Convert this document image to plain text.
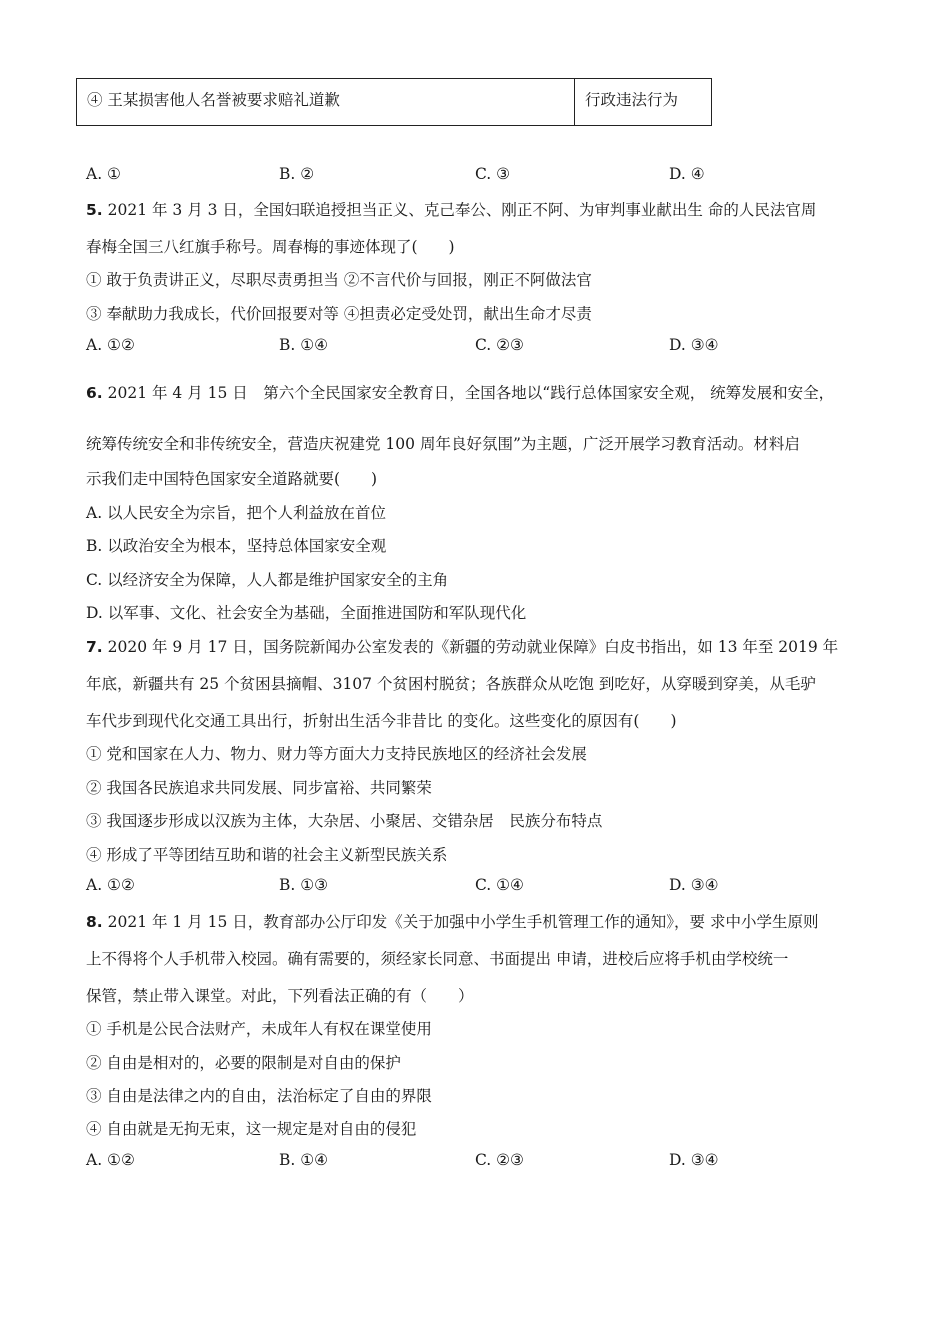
④ 王某损害他人名誉被要求赔礼道歉	行政违法行为
A. ①	B. ②	C. ③	D. ④
5. 2021 年 3 月 3 日，全国妇联追授担当正义、克己奉公、刚正不阿、为审判事业献出生 命的人民法官周
春梅全国三八红旗手称号。周春梅的事迹体现了(　　)
① 敢于负责讲正义，尽职尽责勇担当 ②不言代价与回报，刚正不阿做法官
③ 奉献助力我成长，代价回报要对等 ④担责必定受处罚，献出生命才尽责
A. ①②	B. ①④	C. ②③	D. ③④
6. 2021 年 4 月 15 日　第六个全民国家安全教育日，全国各地以“践行总体国家安全观， 统筹发展和安全，
统筹传统安全和非传统安全，营造庆祝建党 100 周年良好氛围”为主题，广泛开展学习教育活动。材料启
示我们走中国特色国家安全道路就要(　　)
A. 以人民安全为宗旨，把个人利益放在首位
B. 以政治安全为根本，坚持总体国家安全观
C. 以经济安全为保障，人人都是维护国家安全的主角
D. 以军事、文化、社会安全为基础，全面推进国防和军队现代化
7. 2020 年 9 月 17 日，国务院新闻办公室发表的《新疆的劳动就业保障》白皮书指出，如 13 年至 2019 年
年底，新疆共有 25 个贫困县摘帽、3107 个贫困村脱贫；各族群众从吃饱 到吃好，从穿暖到穿美，从毛驴
车代步到现代化交通工具出行，折射出生活今非昔比 的变化。这些变化的原因有(　　)
① 党和国家在人力、物力、财力等方面大力支持民族地区的经济社会发展
② 我国各民族追求共同发展、同步富裕、共同繁荣
③ 我国逐步形成以汉族为主体，大杂居、小聚居、交错杂居　民族分布特点
④ 形成了平等团结互助和谐的社会主义新型民族关系
A. ①②	B. ①③	C. ①④	D. ③④
8. 2021 年 1 月 15 日，教育部办公厅印发《关于加强中小学生手机管理工作的通知》，要 求中小学生原则
上不得将个人手机带入校园。确有需要的，须经家长同意、书面提出 申请，进校后应将手机由学校统一
保管，禁止带入课堂。对此，下列看法正确的有（　　）
① 手机是公民合法财产，未成年人有权在课堂使用
② 自由是相对的，必要的限制是对自由的保护
③ 自由是法律之内的自由，法治标定了自由的界限
④ 自由就是无拘无束，这一规定是对自由的侵犯
A. ①②	B. ①④	C. ②③	D. ③④
